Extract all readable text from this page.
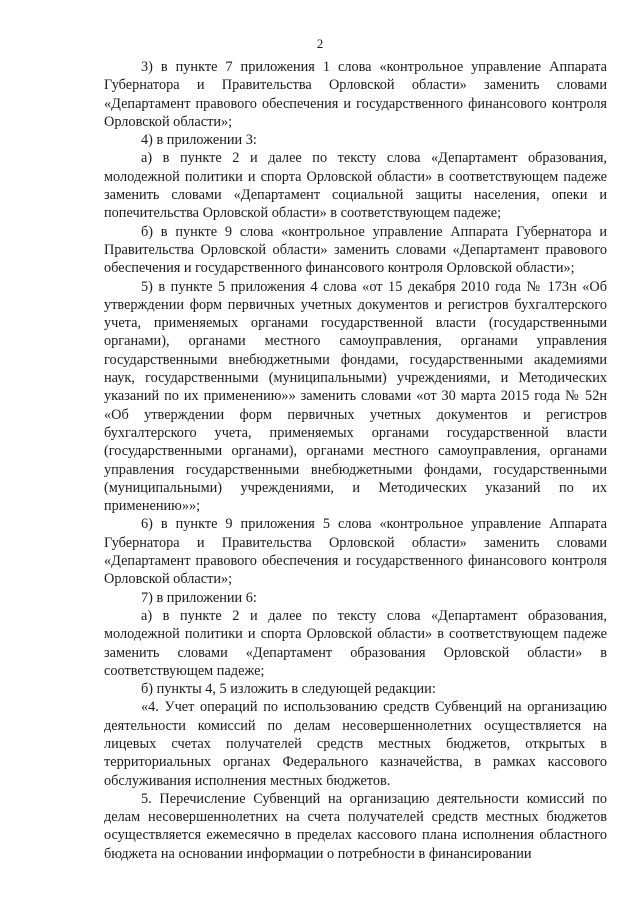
2

3) в пункте 7 приложения 1 слова «контрольное управление Аппарата Губернатора и Правительства Орловской области» заменить словами «Департамент правового обеспечения и государственного финансового контроля Орловской области»;

4) в приложении 3:

а) в пункте 2 и далее по тексту слова «Департамент образования, молодежной политики и спорта Орловской области» в соответствующем падеже заменить словами «Департамент социальной защиты населения, опеки и попечительства Орловской области» в соответствующем падеже;

б) в пункте 9 слова «контрольное управление Аппарата Губернатора и Правительства Орловской области» заменить словами «Департамент правового обеспечения и государственного финансового контроля Орловской области»;

5) в пункте 5 приложения 4 слова «от 15 декабря 2010 года № 173н «Об утверждении форм первичных учетных документов и регистров бухгалтерского учета, применяемых органами государственной власти (государственными органами), органами местного самоуправления, органами управления государственными внебюджетными фондами, государственными академиями наук, государственными (муниципальными) учреждениями, и Методических указаний по их применению»» заменить словами «от 30 марта 2015 года № 52н «Об утверждении форм первичных учетных документов и регистров бухгалтерского учета, применяемых органами государственной власти (государственными органами), органами местного самоуправления, органами управления государственными внебюджетными фондами, государственными (муниципальными) учреждениями, и Методических указаний по их применению»»;

6) в пункте 9 приложения 5 слова «контрольное управление Аппарата Губернатора и Правительства Орловской области» заменить словами «Департамент правового обеспечения и государственного финансового контроля Орловской области»;

7) в приложении 6:

а) в пункте 2 и далее по тексту слова «Департамент образования, молодежной политики и спорта Орловской области» в соответствующем падеже заменить словами «Департамент образования Орловской области» в соответствующем падеже;

б) пункты 4, 5 изложить в следующей редакции:

«4. Учет операций по использованию средств Субвенций на организацию деятельности комиссий по делам несовершеннолетних осуществляется на лицевых счетах получателей средств местных бюджетов, открытых в территориальных органах Федерального казначейства, в рамках кассового обслуживания исполнения местных бюджетов.

5. Перечисление Субвенций на организацию деятельности комиссий по делам несовершеннолетних на счета получателей средств местных бюджетов осуществляется ежемесячно в пределах кассового плана исполнения областного бюджета на основании информации о потребности в финансировании
